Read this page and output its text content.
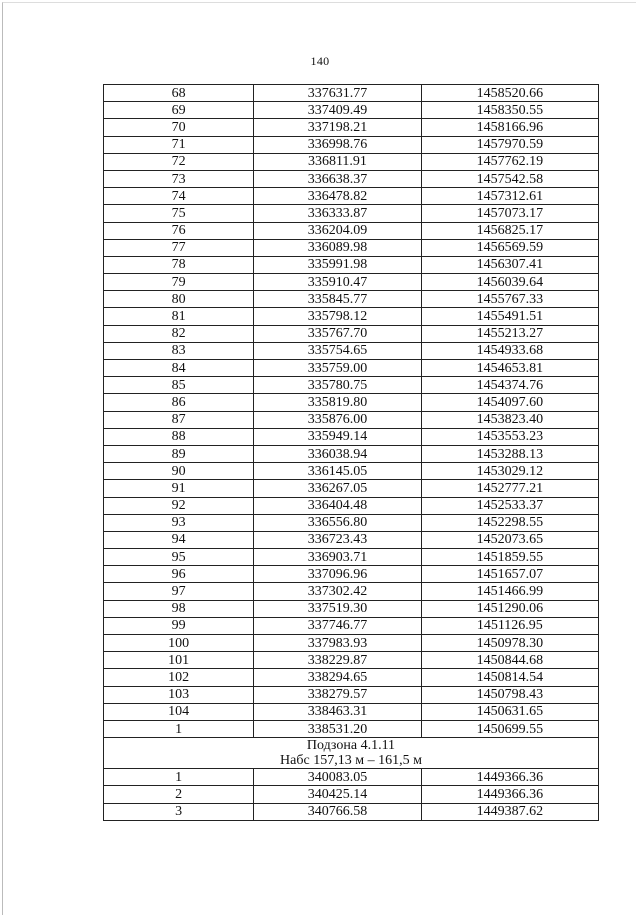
140
68	337631.77	1458520.66
69	337409.49	1458350.55
70	337198.21	1458166.96
71	336998.76	1457970.59
72	336811.91	1457762.19
73	336638.37	1457542.58
74	336478.82	1457312.61
75	336333.87	1457073.17
76	336204.09	1456825.17
77	336089.98	1456569.59
78	335991.98	1456307.41
79	335910.47	1456039.64
80	335845.77	1455767.33
81	335798.12	1455491.51
82	335767.70	1455213.27
83	335754.65	1454933.68
84	335759.00	1454653.81
85	335780.75	1454374.76
86	335819.80	1454097.60
87	335876.00	1453823.40
88	335949.14	1453553.23
89	336038.94	1453288.13
90	336145.05	1453029.12
91	336267.05	1452777.21
92	336404.48	1452533.37
93	336556.80	1452298.55
94	336723.43	1452073.65
95	336903.71	1451859.55
96	337096.96	1451657.07
97	337302.42	1451466.99
98	337519.30	1451290.06
99	337746.77	1451126.95
100	337983.93	1450978.30
101	338229.87	1450844.68
102	338294.65	1450814.54
103	338279.57	1450798.43
104	338463.31	1450631.65
1	338531.20	1450699.55

Подзона 4.1.11
Набс 157,13 м – 161,5 м		

1	340083.05	1449366.36
2	340425.14	1449366.36
3	340766.58	1449387.62
